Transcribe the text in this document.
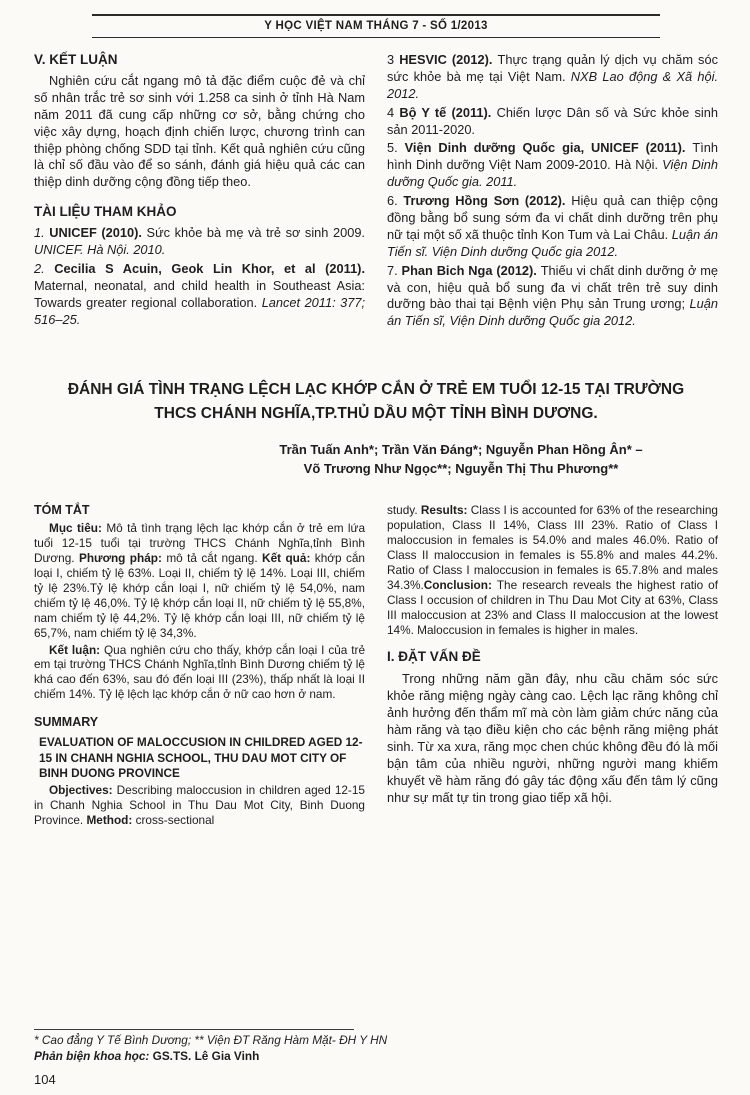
Y HỌC VIỆT NAM THÁNG 7 - SỐ 1/2013
V. KẾT LUẬN

Nghiên cứu cắt ngang mô tả đặc điểm cuộc đẻ và chỉ số nhân trắc trẻ sơ sinh với 1.258 ca sinh ở tỉnh Hà Nam năm 2011 đã cung cấp những cơ sở, bằng chứng cho việc xây dựng, hoạch định chiến lược, chương trình can thiệp phòng chống SDD tại tỉnh. Kết quả nghiên cứu cũng là chỉ số đầu vào để so sánh, đánh giá hiệu quả các can thiệp dinh dưỡng cộng đồng tiếp theo.

TÀI LIỆU THAM KHẢO

1. UNICEF (2010). Sức khỏe bà mẹ và trẻ sơ sinh 2009. UNICEF. Hà Nội. 2010.

2. Cecilia S Acuin, Geok Lin Khor, et al (2011). Maternal, neonatal, and child health in Southeast Asia: Towards greater regional collaboration. Lancet 2011: 377; 516–25.

3 HESVIC (2012). Thực trạng quản lý dịch vụ chăm sóc sức khỏe bà mẹ tại Việt Nam. NXB Lao động & Xã hội. 2012.

4 Bộ Y tế (2011). Chiến lược Dân số và Sức khỏe sinh sản 2011-2020.

5. Viện Dinh dưỡng Quốc gia, UNICEF (2011). Tình hình Dinh dưỡng Việt Nam 2009-2010. Hà Nội. Viện Dinh dưỡng Quốc gia. 2011.

6. Trương Hồng Sơn (2012). Hiệu quả can thiệp cộng đồng bằng bổ sung sớm đa vi chất dinh dưỡng trên phụ nữ tại một số xã thuộc tỉnh Kon Tum và Lai Châu. Luận án Tiến sĩ. Viện Dinh dưỡng Quốc gia 2012.

7. Phan Bich Nga (2012). Thiếu vi chất dinh dưỡng ở mẹ và con, hiệu quả bổ sung đa vi chất trên trẻ suy dinh dưỡng bào thai tại Bệnh viện Phụ sản Trung ương; Luận án Tiến sĩ, Viện Dinh dưỡng Quốc gia 2012.

ĐÁNH GIÁ TÌNH TRẠNG LỆCH LẠC KHỚP CẮN Ở TRẺ EM TUỔI 12-15 TẠI TRƯỜNG
THCS CHÁNH NGHĨA,TP.THỦ DẦU MỘT TỈNH BÌNH DƯƠNG.
Trần Tuấn Anh*; Trần Văn Đáng*; Nguyễn Phan Hồng Ân* –
Võ Trương Như Ngọc**; Nguyễn Thị Thu Phương**
TÓM TẮT

Mục tiêu: Mô tả tình trạng lệch lạc khớp cắn ở trẻ em lứa tuổi 12-15 tuổi tại trường THCS Chánh Nghĩa,tỉnh Bình Dương. Phương pháp: mô tả cắt ngang. Kết quả: khớp cắn loại I, chiếm tỷ lệ 63%. Loại II, chiếm tỷ lệ 14%. Loại III, chiếm tỷ lệ 23%.Tỷ lệ khớp cắn loại I, nữ chiếm tỷ lệ 54,0%, nam chiếm tỷ lệ 46,0%. Tỷ lệ khớp cắn loại II, nữ chiếm tỷ lệ 55,8%, nam chiếm tỷ lệ 44,2%. Tỷ lệ khớp cắn loại III, nữ chiếm tỷ lệ 65,7%, nam chiếm tỷ lệ 34,3%.

Kết luận: Qua nghiên cứu cho thấy, khớp cắn loại I của trẻ em tại trường THCS Chánh Nghĩa,tỉnh Bình Dương chiếm tỷ lệ khá cao đến 63%, sau đó đến loại III (23%), thấp nhất là loại II chiếm 14%. Tỷ lệ lệch lạc khớp cắn ở nữ cao hơn ở nam.

SUMMARY
EVALUATION OF MALOCCUSION IN CHILDRED AGED 12-15 IN CHANH NGHIA SCHOOL, THU DAU MOT CITY OF BINH DUONG PROVINCE

Objectives: Describing maloccusion in children aged 12-15 in Chanh Nghia School in Thu Dau Mot City, Binh Duong Province. Method: cross-sectional

study. Results: Class I is accounted for 63% of the researching population, Class II 14%, Class III 23%. Ratio of Class I maloccusion in females is 54.0% and males 46.0%. Ratio of Class II maloccusion in females is 55.8% and males 44.2%. Ratio of Class I maloccusion in females is 65.7.8% and males 34.3%.Conclusion: The research reveals the highest ratio of Class I occusion of children in Thu Dau Mot City at 63%, Class III maloccusion at 23% and Class II maloccusion at the lowest 14%. Maloccusion in females is higher in males.

I. ĐẶT VẤN ĐỀ

Trong những năm gần đây, nhu cầu chăm sóc sức khỏe răng miệng ngày càng cao. Lệch lạc răng không chỉ ảnh hưởng đến thẩm mĩ mà còn làm giảm chức năng của hàm răng và tạo điều kiện cho các bệnh răng miệng phát sinh. Từ xa xưa, răng mọc chen chúc không đều đó là mối bận tâm của nhiều người, những người mang khiếm khuyết về hàm răng đó gây tác động xấu đến tâm lý cũng như sự mất tự tin trong giao tiếp xã hội.

* Cao đẳng Y Tế Bình Dương; ** Viện ĐT Răng Hàm Mặt- ĐH Y HN
Phản biện khoa học: GS.TS. Lê Gia Vinh
104
